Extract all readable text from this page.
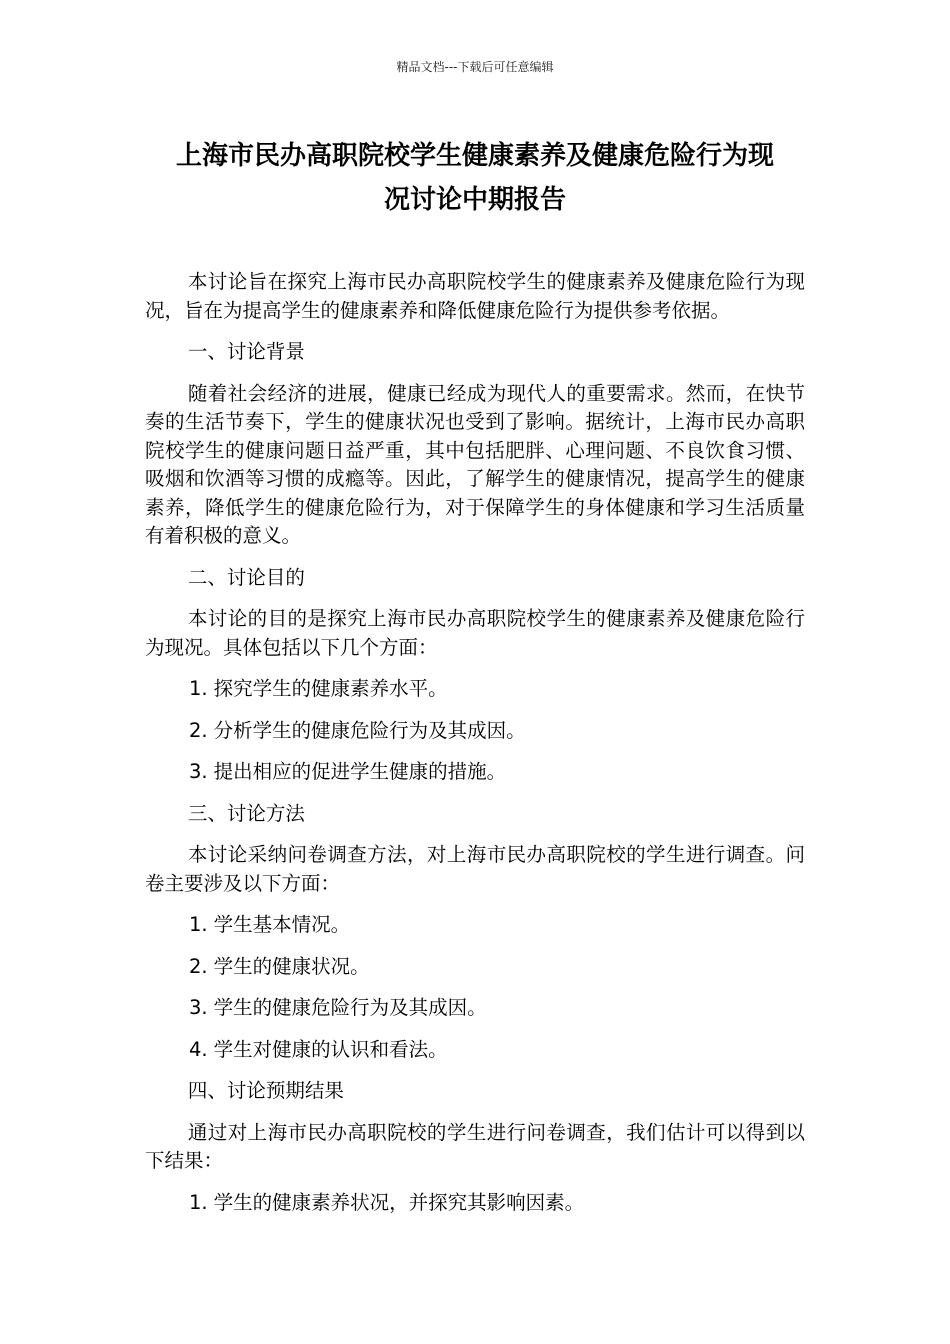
精品文档---下载后可任意编辑
上海市民办高职院校学生健康素养及健康危险行为现
况讨论中期报告

本讨论旨在探究上海市民办高职院校学生的健康素养及健康危险行为现况，旨在为提高学生的健康素养和降低健康危险行为提供参考依据。

一、讨论背景

随着社会经济的进展，健康已经成为现代人的重要需求。然而，在快节奏的生活节奏下，学生的健康状况也受到了影响。据统计，上海市民办高职院校学生的健康问题日益严重，其中包括肥胖、心理问题、不良饮食习惯、吸烟和饮酒等习惯的成瘾等。因此，了解学生的健康情况，提高学生的健康素养，降低学生的健康危险行为，对于保障学生的身体健康和学习生活质量有着积极的意义。

二、讨论目的

本讨论的目的是探究上海市民办高职院校学生的健康素养及健康危险行为现况。具体包括以下几个方面：

1. 探究学生的健康素养水平。
2. 分析学生的健康危险行为及其成因。
3. 提出相应的促进学生健康的措施。

三、讨论方法

本讨论采纳问卷调查方法，对上海市民办高职院校的学生进行调查。问卷主要涉及以下方面：

1. 学生基本情况。
2. 学生的健康状况。
3. 学生的健康危险行为及其成因。
4. 学生对健康的认识和看法。

四、讨论预期结果

通过对上海市民办高职院校的学生进行问卷调查，我们估计可以得到以下结果：

1. 学生的健康素养状况，并探究其影响因素。
